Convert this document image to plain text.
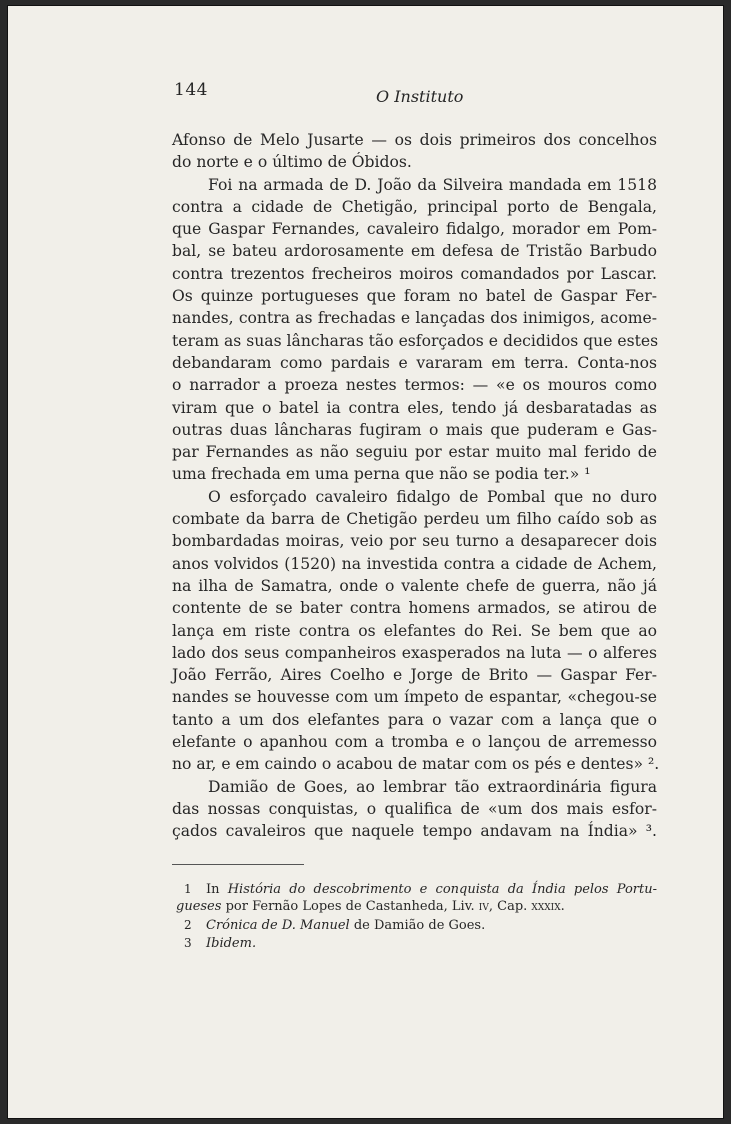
144	O Instituto
Afonso de Melo Jusarte — os dois primeiros dos concelhos
do norte e o último de Óbidos.
Foi na armada de D. João da Silveira mandada em 1518
contra a cidade de Chetigão, principal porto de Bengala,
que Gaspar Fernandes, cavaleiro fidalgo, morador em Pom-
bal, se bateu ardorosamente em defesa de Tristão Barbudo
contra trezentos frecheiros moiros comandados por Lascar.
Os quinze portugueses que foram no batel de Gaspar Fer-
nandes, contra as frechadas e lançadas dos inimigos, acome-
teram as suas lâncharas tão esforçados e decididos que estes
debandaram como pardais e vararam em terra. Conta-nos
o narrador a proeza nestes termos: — «e os mouros como
viram que o batel ia contra eles, tendo já desbaratadas as
outras duas lâncharas fugiram o mais que puderam e Gas-
par Fernandes as não seguiu por estar muito mal ferido de
uma frechada em uma perna que não se podia ter.» ¹
O esforçado cavaleiro fidalgo de Pombal que no duro
combate da barra de Chetigão perdeu um filho caído sob as
bombardadas moiras, veio por seu turno a desaparecer dois
anos volvidos (1520) na investida contra a cidade de Achem,
na ilha de Samatra, onde o valente chefe de guerra, não já
contente de se bater contra homens armados, se atirou de
lança em riste contra os elefantes do Rei. Se bem que ao
lado dos seus companheiros exasperados na luta — o alferes
João Ferrão, Aires Coelho e Jorge de Brito — Gaspar Fer-
nandes se houvesse com um ímpeto de espantar, «chegou-se
tanto a um dos elefantes para o vazar com a lança que o
elefante o apanhou com a tromba e o lançou de arremesso
no ar, e em caindo o acabou de matar com os pés e dentes» ².
Damião de Goes, ao lembrar tão extraordinária figura
das nossas conquistas, o qualifica de «um dos mais esfor-
çados cavaleiros que naquele tempo andavam na Índia» ³.
1 In História do descobrimento e conquista da Índia pelos Portu-
gueses por Fernão Lopes de Castanheda, Liv. iv, Cap. xxxix.
2 Crónica de D. Manuel de Damião de Goes.
3 Ibidem.
